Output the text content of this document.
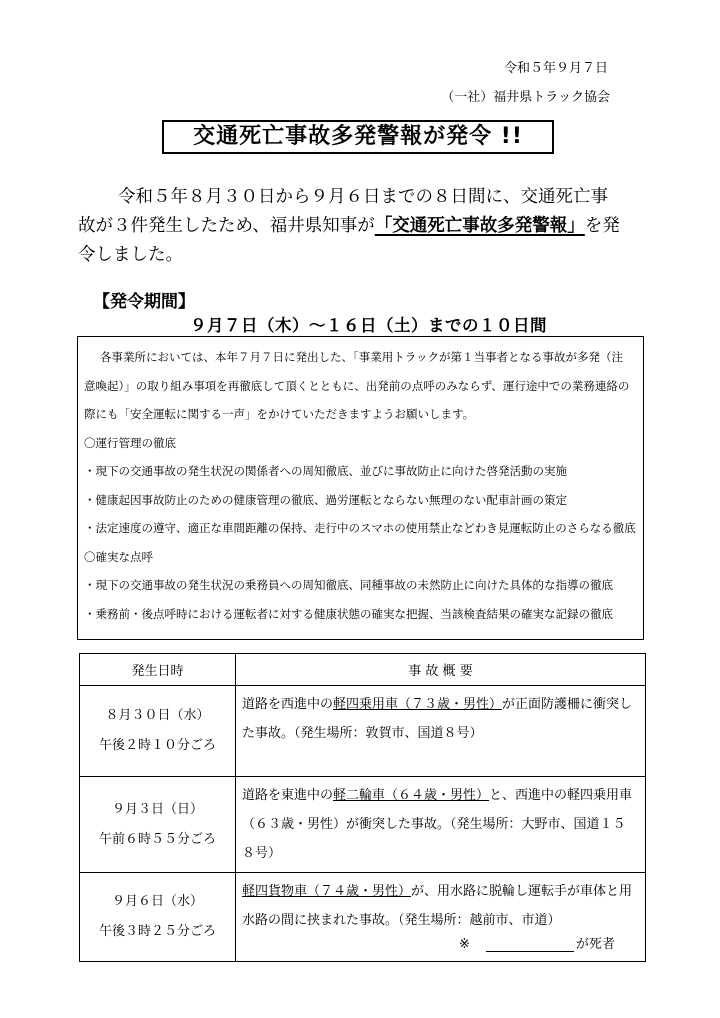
令和５年９月７日
（一社）福井県トラック協会
交通死亡事故多発警報が発令 !!
令和５年８月３０日から９月６日までの８日間に、交通死亡事故が３件発生したため、福井県知事が「交通死亡事故多発警報」を発令しました。
【発令期間】
９月７日（木）～１６日（土）までの１０日間
各事業所においては、本年７月７日に発出した、「事業用トラックが第１当事者となる事故が多発（注意喚起）」の取り組み事項を再徹底して頂くとともに、出発前の点呼のみならず、運行途中での業務連絡の際にも「安全運転に関する一声」をかけていただきますようお願いします。
〇運行管理の徹底
・現下の交通事故の発生状況の関係者への周知徹底、並びに事故防止に向けた啓発活動の実施
・健康起因事故防止のための健康管理の徹底、過労運転とならない無理のない配車計画の策定
・法定速度の遵守、適正な車間距離の保持、走行中のスマホの使用禁止などわき見運転防止のさらなる徹底
〇確実な点呼
・現下の交通事故の発生状況の乗務員への周知徹底、同種事故の未然防止に向けた具体的な指導の徹底
・乗務前・後点呼時における運転者に対する健康状態の確実な把握、当該検査結果の確実な記録の徹底
発生日時	事 故 概 要

８月３０日（水）
午後２時１０分ごろ	道路を西進中の軽四乗用車（７３歳・男性）が正面防護柵に衝突した事故。（発生場所：敦賀市、国道８号）

９月３日（日）
午前６時５５分ごろ	道路を東進中の軽二輪車（６４歳・男性）と、西進中の軽四乗用車（６３歳・男性）が衝突した事故。（発生場所：大野市、国道１５８号）

９月６日（水）
午後３時２５分ごろ	軽四貨物車（７４歳・男性）が、用水路に脱輪し運転手が車体と用水路の間に挟まれた事故。（発生場所：越前市、市道）
※	が死者
